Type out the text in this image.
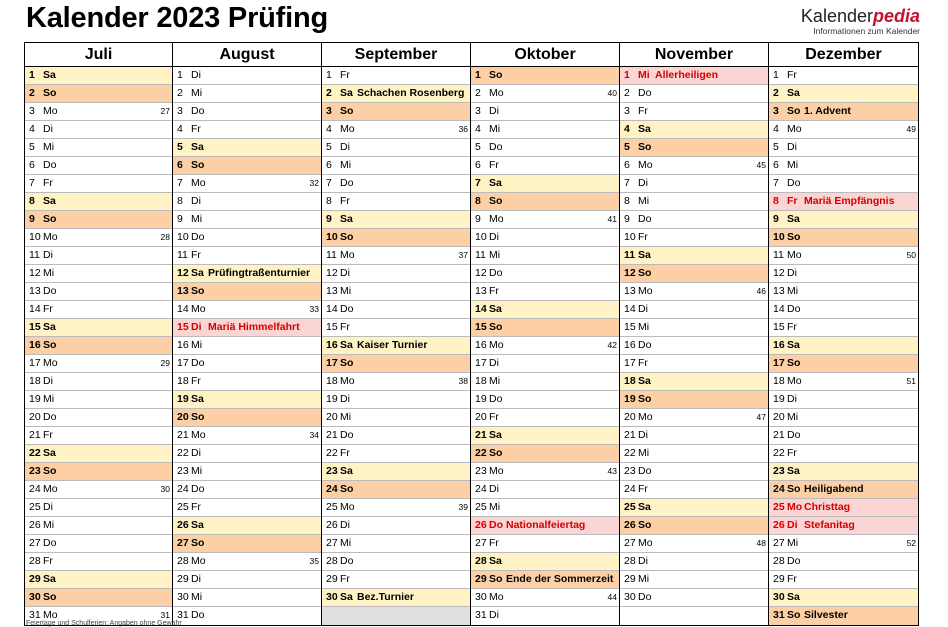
Kalender 2023 Prüfing	Kalenderpedia
Informationen zum Kalender
Juli
1 Sa
2 So
3 Mo	27
4 Di
5 Mi
6 Do
7 Fr
8 Sa
9 So
10 Mo	28
11 Di
12 Mi
13 Do
14 Fr
15 Sa
16 So
17 Mo	29
18 Di
19 Mi
20 Do
21 Fr
22 Sa
23 So
24 Mo	30
25 Di
26 Mi
27 Do
28 Fr
29 Sa
30 So
31 Mo	31
August
1 Di
2 Mi
3 Do
4 Fr
5 Sa
6 So
7 Mo	32
8 Di
9 Mi
10 Do
11 Fr
12 Sa Prüfingtraßenturnier
13 So
14 Mo	33
15 Di Mariä Himmelfahrt
16 Mi
17 Do
18 Fr
19 Sa
20 So
21 Mo	34
22 Di
23 Mi
24 Do
25 Fr
26 Sa
27 So
28 Mo	35
29 Di
30 Mi
31 Do
September
1 Fr
2 Sa Schachen Rosenberg
3 So
4 Mo	36
5 Di
6 Mi
7 Do
8 Fr
9 Sa
10 So
11 Mo	37
12 Di
13 Mi
14 Do
15 Fr
16 Sa Kaiser Turnier
17 So
18 Mo	38
19 Di
20 Mi
21 Do
22 Fr
23 Sa
24 So
25 Mo	39
26 Di
27 Mi
28 Do
29 Fr
30 Sa Bez.Turnier
Oktober
1 So
2 Mo	40
3 Di
4 Mi
5 Do
6 Fr
7 Sa
8 So
9 Mo	41
10 Di
11 Mi
12 Do
13 Fr
14 Sa
15 So
16 Mo	42
17 Di
18 Mi
19 Do
20 Fr
21 Sa
22 So
23 Mo	43
24 Di
25 Mi
26 Do Nationalfeiertag
27 Fr
28 Sa
29 So Ende der Sommerzeit
30 Mo	44
31 Di
November
1 Mi Allerheiligen
2 Do
3 Fr
4 Sa
5 So
6 Mo	45
7 Di
8 Mi
9 Do
10 Fr
11 Sa
12 So
13 Mo	46
14 Di
15 Mi
16 Do
17 Fr
18 Sa
19 So
20 Mo	47
21 Di
22 Mi
23 Do
24 Fr
25 Sa
26 So
27 Mo	48
28 Di
29 Mi
30 Do
Dezember
1 Fr
2 Sa
3 So 1. Advent
4 Mo	49
5 Di
6 Mi
7 Do
8 Fr Mariä Empfängnis
9 Sa
10 So
11 Mo	50
12 Di
13 Mi
14 Do
15 Fr
16 Sa
17 So
18 Mo	51
19 Di
20 Mi
21 Do
22 Fr
23 Sa
24 So Heiligabend
25 Mo Christtag
26 Di Stefanitag
27 Mi	52
28 Do
29 Fr
30 Sa
31 So Silvester
Feiertage und Schulferien: Angaben ohne Gewähr
